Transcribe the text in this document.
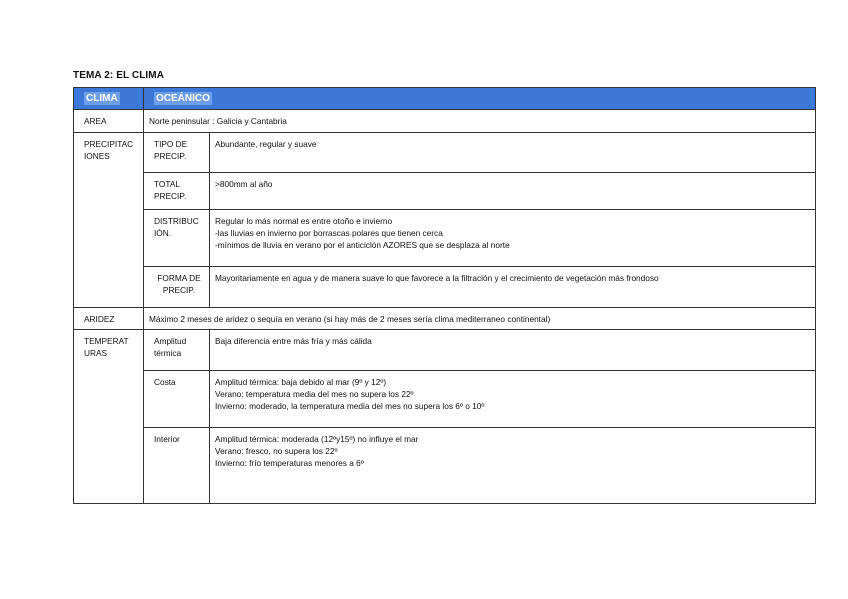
TEMA 2: EL CLIMA
CLIMA	OCEÁNICO	
AREA	Norte peninsular : Galicia y Cantabria	
PRECIPITAC IONES	TIPO DE PRECIP.	Abundante, regular y suave

	TOTAL PRECIP.	>800mm al año

	DISTRIBUC IÓN.	Regular lo más normal es entre otoño e invierno
-las lluvias en invierno por borrascas polares que tienen cerca
-mínimos de lluvia en verano por el anticiclón AZORES que se desplaza al norte

	FORMA DE PRECIP.	Mayoritariamente en agua y de manera suave lo que favorece a la filtración y el crecimiento de vegetación más frondoso

ARIDEZ	Máximo 2 meses de aridez o sequía en verano (si hay más de 2 meses sería clima mediterraneo continental)	
TEMPERAT URAS	Amplitud térmica	Baja diferencia entre más fría y más cálida

	Costa	Amplitud térmica: baja debido al mar (9º y 12º)
Verano: temperatura media del mes no supera los 22º
Invierno: moderado, la temperatura media del mes no supera los 6º o 10º

	Interior	Amplitud térmica: moderada (12ºy15º) no influye el mar
Verano: fresco, no supera los 22º
Invierno: frío temperaturas menores a 6º
